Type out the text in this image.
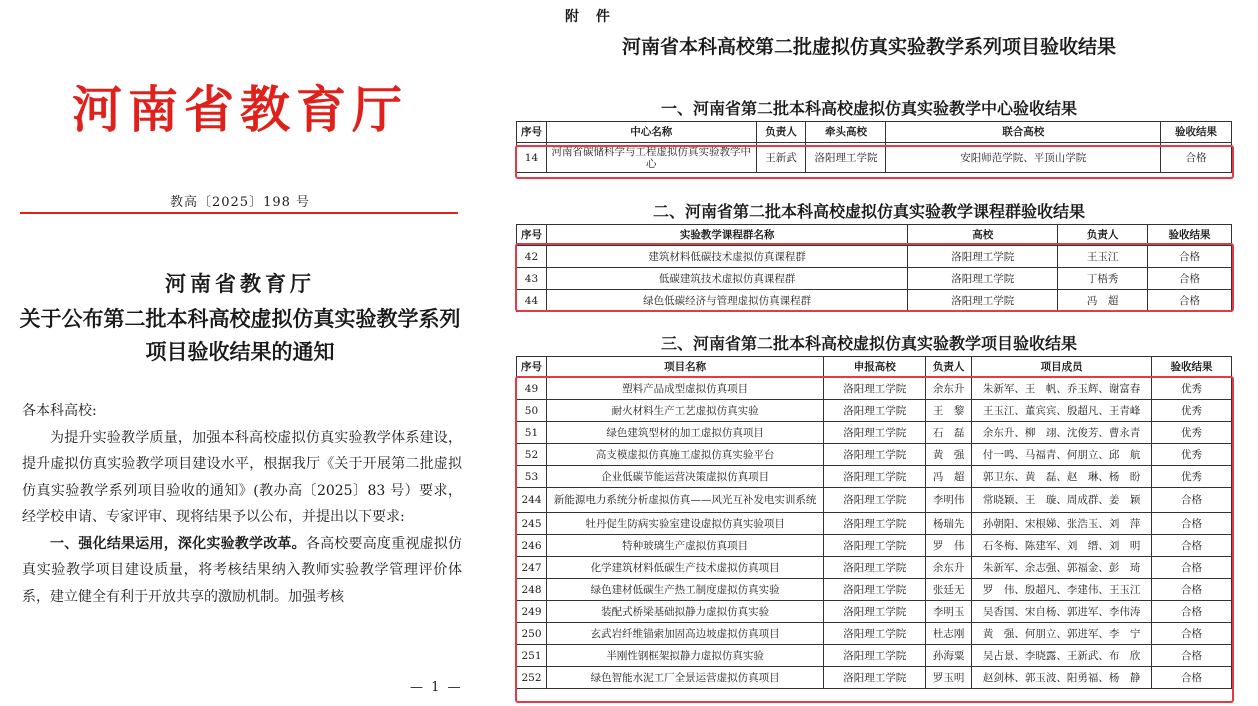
河南省教育厅
教高〔2025〕198 号
河南省教育厅
关于公布第二批本科高校虚拟仿真实验教学系列
项目验收结果的通知

各本科高校:

为提升实验教学质量，加强本科高校虚拟仿真实验教学体系建设，提升虚拟仿真实验教学项目建设水平，根据我厅《关于开展第二批虚拟仿真实验教学系列项目验收的通知》(教办高〔2025〕83 号）要求，经学校申请、专家评审、现将结果予以公布，并提出以下要求:

一、强化结果运用，深化实验教学改革。各高校要高度重视虚拟仿真实验教学项目建设质量，将考核结果纳入教师实验教学管理评价体系，建立健全有利于开放共享的激励机制。加强考核

— 1 —
附 件
河南省本科高校第二批虚拟仿真实验教学系列项目验收结果
一、河南省第二批本科高校虚拟仿真实验教学中心验收结果
序号	中心名称	负责人	牵头高校	联合高校	验收结果
14	河南省碳储科学与工程虚拟仿真实验教学中心	王新武	洛阳理工学院	安阳师范学院、平顶山学院	合格
二、河南省第二批本科高校虚拟仿真实验教学课程群验收结果
序号	实验教学课程群名称	高校	负责人	验收结果
42	建筑材料低碳技术虚拟仿真课程群	洛阳理工学院	王玉江	合格
43	低碳建筑技术虚拟仿真课程群	洛阳理工学院	丁梧秀	合格
44	绿色低碳经济与管理虚拟仿真课程群	洛阳理工学院	冯　超	合格
三、河南省第二批本科高校虚拟仿真实验教学项目验收结果
序号	项目名称	申报高校	负责人	项目成员	验收结果
49	塑料产品成型虚拟仿真项目	洛阳理工学院	余东升	朱新军、王　帆、乔玉辉、谢富春	优秀
50	耐火材料生产工艺虚拟仿真实验	洛阳理工学院	王　黎	王玉江、董宾宾、殷超凡、王青峰	优秀
51	绿色建筑型材的加工虚拟仿真项目	洛阳理工学院	石　磊	余东升、柳　翊、沈俊芳、曹永青	优秀
52	高支模虚拟仿真施工虚拟仿真实验平台	洛阳理工学院	黄　强	付一鸣、马福青、何朋立、邱　航	优秀
53	企业低碳节能运营决策虚拟仿真项目	洛阳理工学院	冯　超	郭卫东、黄　磊、赵　琳、杨　盼	优秀
244	新能源电力系统分析虚拟仿真——风光互补发电实训系统	洛阳理工学院	李明伟	常晓颖、王　璇、周成群、姜　颖	合格
245	牡丹促生防病实验室建设虚拟仿真实验项目	洛阳理工学院	杨瑞先	孙朝阳、宋根娣、张浩玉、刘　萍	合格
246	特种玻璃生产虚拟仿真项目	洛阳理工学院	罗　伟	石冬梅、陈建军、刘　缙、刘　明	合格
247	化学建筑材料低碳生产技术虚拟仿真项目	洛阳理工学院	余东升	朱新军、余志强、郭福金、彭　琦	合格
248	绿色建材低碳生产热工制度虚拟仿真实验	洛阳理工学院	张廷无	罗　伟、殷超凡、李建伟、王玉江	合格
249	装配式桥梁基础拟静力虚拟仿真实验	洛阳理工学院	李明玉	吴香国、宋自杨、郭进军、李伟涛	合格
250	玄武岩纤维锚索加固高边坡虚拟仿真项目	洛阳理工学院	杜志刚	黄　强、何朋立、郭进军、李　宁	合格
251	半刚性钢框架拟静力虚拟仿真实验	洛阳理工学院	孙海粟	吴占景、李晓露、王新武、布　欣	合格
252	绿色智能水泥工厂全景运营虚拟仿真项目	洛阳理工学院	罗玉明	赵剑林、郭玉波、阳勇福、杨　静	合格
